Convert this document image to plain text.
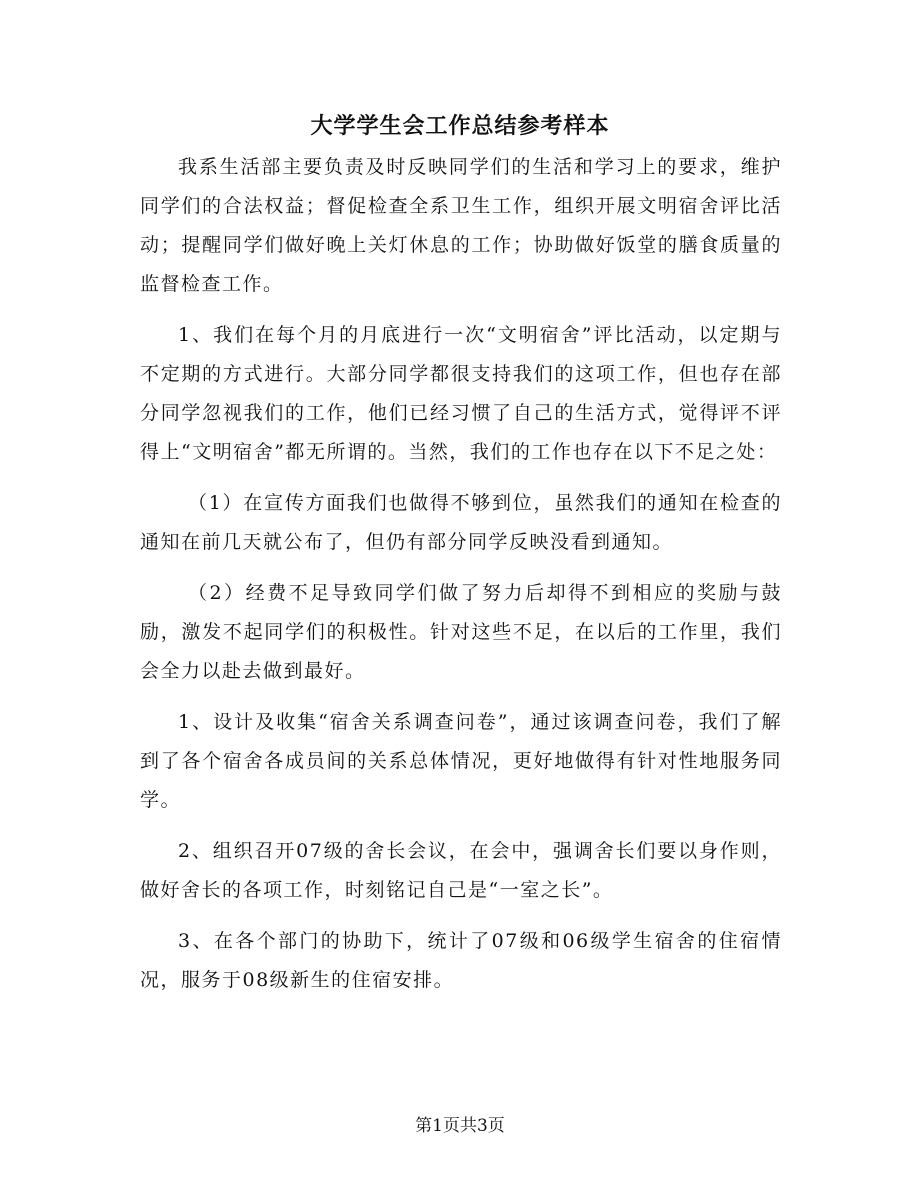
大学学生会工作总结参考样本

我系生活部主要负责及时反映同学们的生活和学习上的要求，维护同学们的合法权益；督促检查全系卫生工作，组织开展文明宿舍评比活动；提醒同学们做好晚上关灯休息的工作；协助做好饭堂的膳食质量的监督检查工作。

1、我们在每个月的月底进行一次“文明宿舍”评比活动，以定期与不定期的方式进行。大部分同学都很支持我们的这项工作，但也存在部分同学忽视我们的工作，他们已经习惯了自己的生活方式，觉得评不评得上“文明宿舍”都无所谓的。当然，我们的工作也存在以下不足之处：

（1）在宣传方面我们也做得不够到位，虽然我们的通知在检查的通知在前几天就公布了，但仍有部分同学反映没看到通知。

（2）经费不足导致同学们做了努力后却得不到相应的奖励与鼓励，激发不起同学们的积极性。针对这些不足，在以后的工作里，我们会全力以赴去做到最好。

1、设计及收集“宿舍关系调查问卷”，通过该调查问卷，我们了解到了各个宿舍各成员间的关系总体情况，更好地做得有针对性地服务同学。

2、组织召开07级的舍长会议，在会中，强调舍长们要以身作则，做好舍长的各项工作，时刻铭记自己是“一室之长”。

3、在各个部门的协助下，统计了07级和06级学生宿舍的住宿情况，服务于08级新生的住宿安排。

第1页共3页
